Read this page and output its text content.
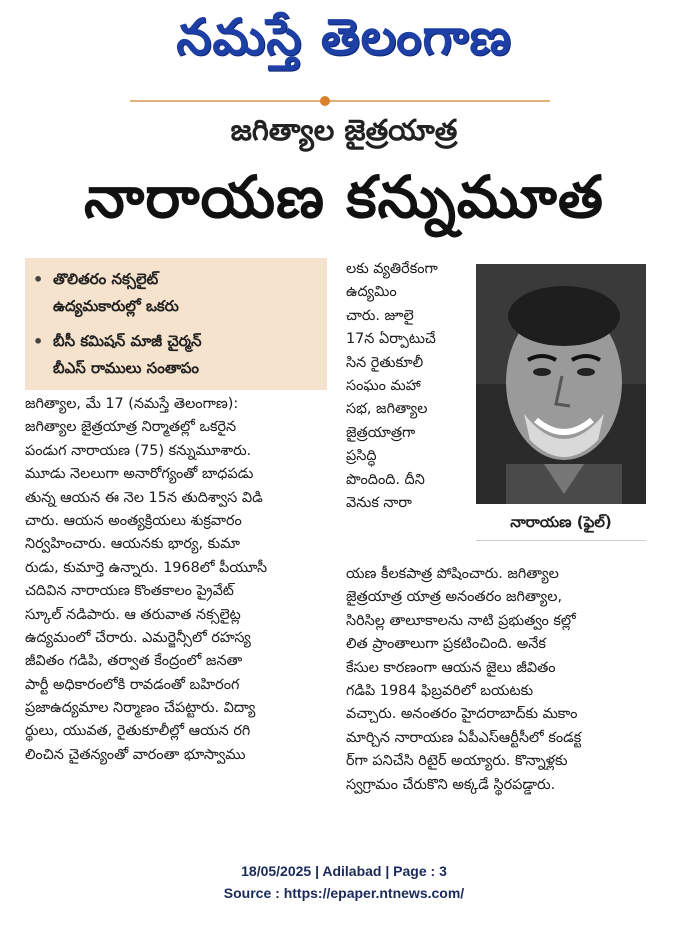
నమస్తే తెలంగాణ
జగిత్యాల జైత్రయాత్ర
నారాయణ కన్నుమూత
• తొలితరం నక్సలైట్
ఉద్యమకారుల్లో ఒకరు
• బీసీ కమిషన్ మాజీ చైర్మన్
బీఎస్ రాములు సంతాపం
నారాయణ (ఫైల్)
జగిత్యాల, మే 17 (నమస్తే తెలంగాణ):
జగిత్యాల జైత్రయాత్ర నిర్మాతల్లో ఒకరైన
పండుగ నారాయణ (75) కన్నుమూశారు.
మూడు నెలలుగా అనారోగ్యంతో బాధపడు
తున్న ఆయన ఈ నెల 15న తుదిశ్వాస విడి
చారు. ఆయన అంత్యక్రియలు శుక్రవారం
నిర్వహించారు. ఆయనకు భార్య, కుమా
రుడు, కుమార్తె ఉన్నారు. 1968లో పీయూసీ
చదివిన నారాయణ కొంతకాలం ప్రైవేట్
స్కూల్ నడిపారు. ఆ తరువాత నక్సలైట్ల
ఉద్యమంలో చేరారు. ఎమర్జెన్సీలో రహస్య
జీవితం గడిపి, తర్వాత కేంద్రంలో జనతా
పార్టీ అధికారంలోకి రావడంతో బహిరంగ
ప్రజాఉద్యమాల నిర్మాణం చేపట్టారు. విద్యా
ర్థులు, యువత, రైతుకూలీల్లో ఆయన రగి
లించిన చైతన్యంతో వారంతా భూస్వాము
లకు వ్యతిరేకంగా
ఉద్యమిం
చారు. జూలై
17న ఏర్పాటుచే
సిన రైతుకూలీ
సంఘం మహా
సభ, జగిత్యాల
జైత్రయాత్రగా
ప్రసిద్ధి
పొందింది. దీని
వెనుక నారా
యణ కీలకపాత్ర పోషించారు. జగిత్యాల
జైత్రయాత్ర యాత్ర అనంతరం జగిత్యాల,
సిరిసిల్ల తాలూకాలను నాటి ప్రభుత్వం కల్లో
లిత ప్రాంతాలుగా ప్రకటించింది. అనేక
కేసుల కారణంగా ఆయన జైలు జీవితం
గడిపి 1984 ఫిబ్రవరిలో బయటకు
వచ్చారు. అనంతరం హైదరాబాద్‌కు మకాం
మార్చిన నారాయణ ఏపీఎస్ఆర్టీసీలో కండక్ట
ర్‌గా పనిచేసి రిటైర్ అయ్యారు. కొన్నాళ్లకు
స్వగ్రామం చేరుకొని అక్కడే స్థిరపడ్డారు.
18/05/2025 | Adilabad | Page : 3
Source : https://epaper.ntnews.com/
